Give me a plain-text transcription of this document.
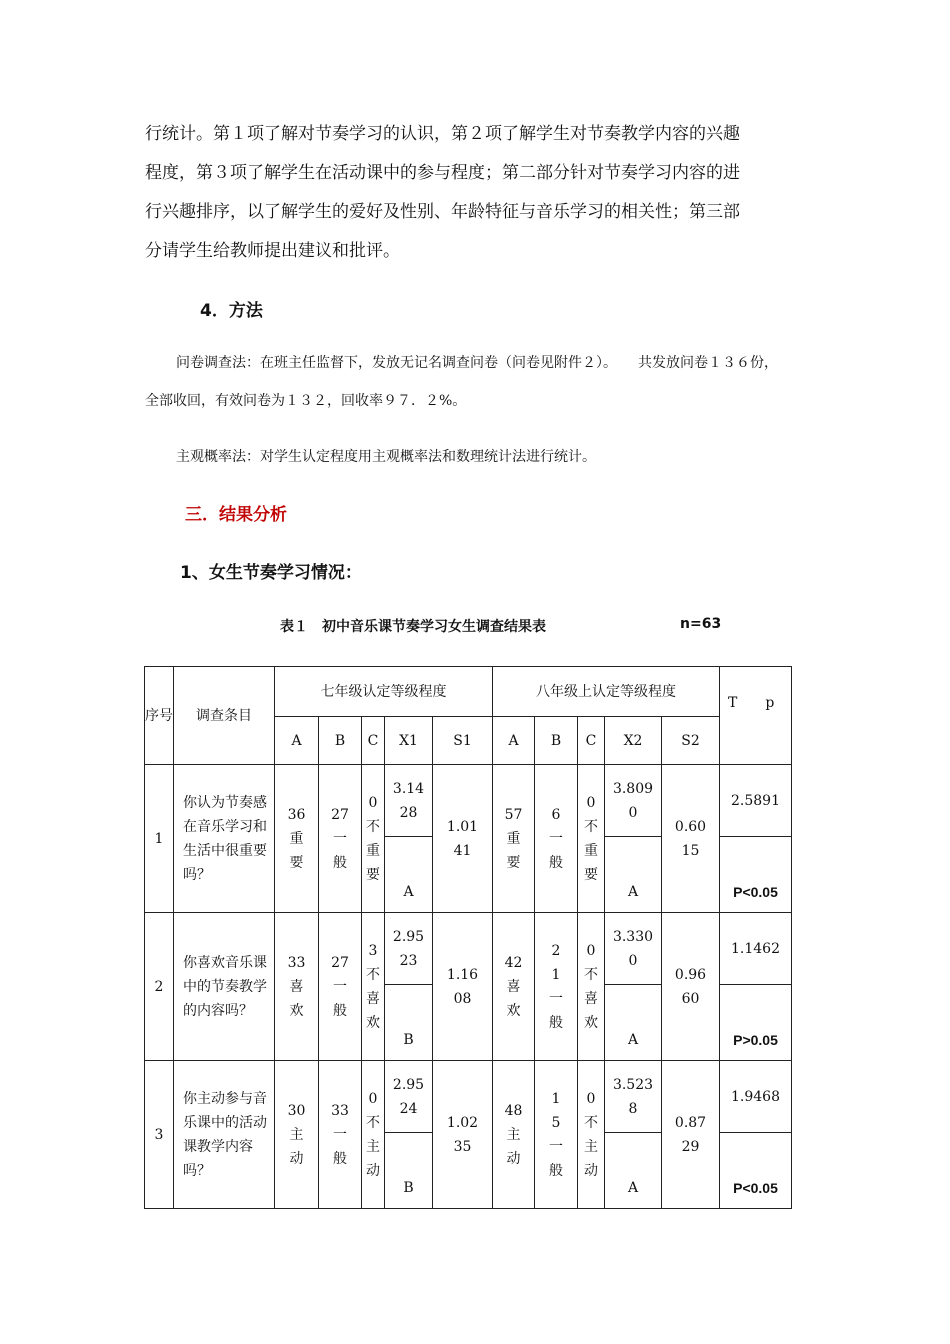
行统计。第１项了解对节奏学习的认识，第２项了解学生对节奏教学内容的兴趣
程度，第３项了解学生在活动课中的参与程度；第二部分针对节奏学习内容的进
行兴趣排序，以了解学生的爱好及性别、年龄特征与音乐学习的相关性；第三部
分请学生给教师提出建议和批评。
4．方法
问卷调查法：在班主任监督下，发放无记名调查问卷（问卷见附件２）。　　共发放问卷１３６份，
全部收回，有效问卷为１３２，回收率９７．２%。
主观概率法：对学生认定程度用主观概率法和数理统计法进行统计。
三．结果分析
1、女生节奏学习情况：
表１　初中音乐课节奏学习女生调查结果表	n=63
序号	调查条目	七年级认定等级程度					八年级上认定等级程度					T p

		A	B	C	X1	S1	A	B	C	X2	S2	
1	你认为节奏感在音乐学习和生活中很重要吗？	36重要	27一般	0不重要	3.1428	1.0141	57重要	6一般	0不重要	3.8090	0.6015	2.5891
					A					A		P<0.05
2	你喜欢音乐课中的节奏教学的内容吗？	33喜欢	27一般	3不喜欢	2.9523	1.1608	42喜欢	21一般	0不喜欢	3.3300	0.9660	1.1462
					B					A		P>0.05
3	你主动参与音乐课中的活动课教学内容吗？	30主动	33一般	0不主动	2.9524	1.0235	48主动	15一般	0不主动	3.5238	0.8729	1.9468
					B					A		P<0.05
